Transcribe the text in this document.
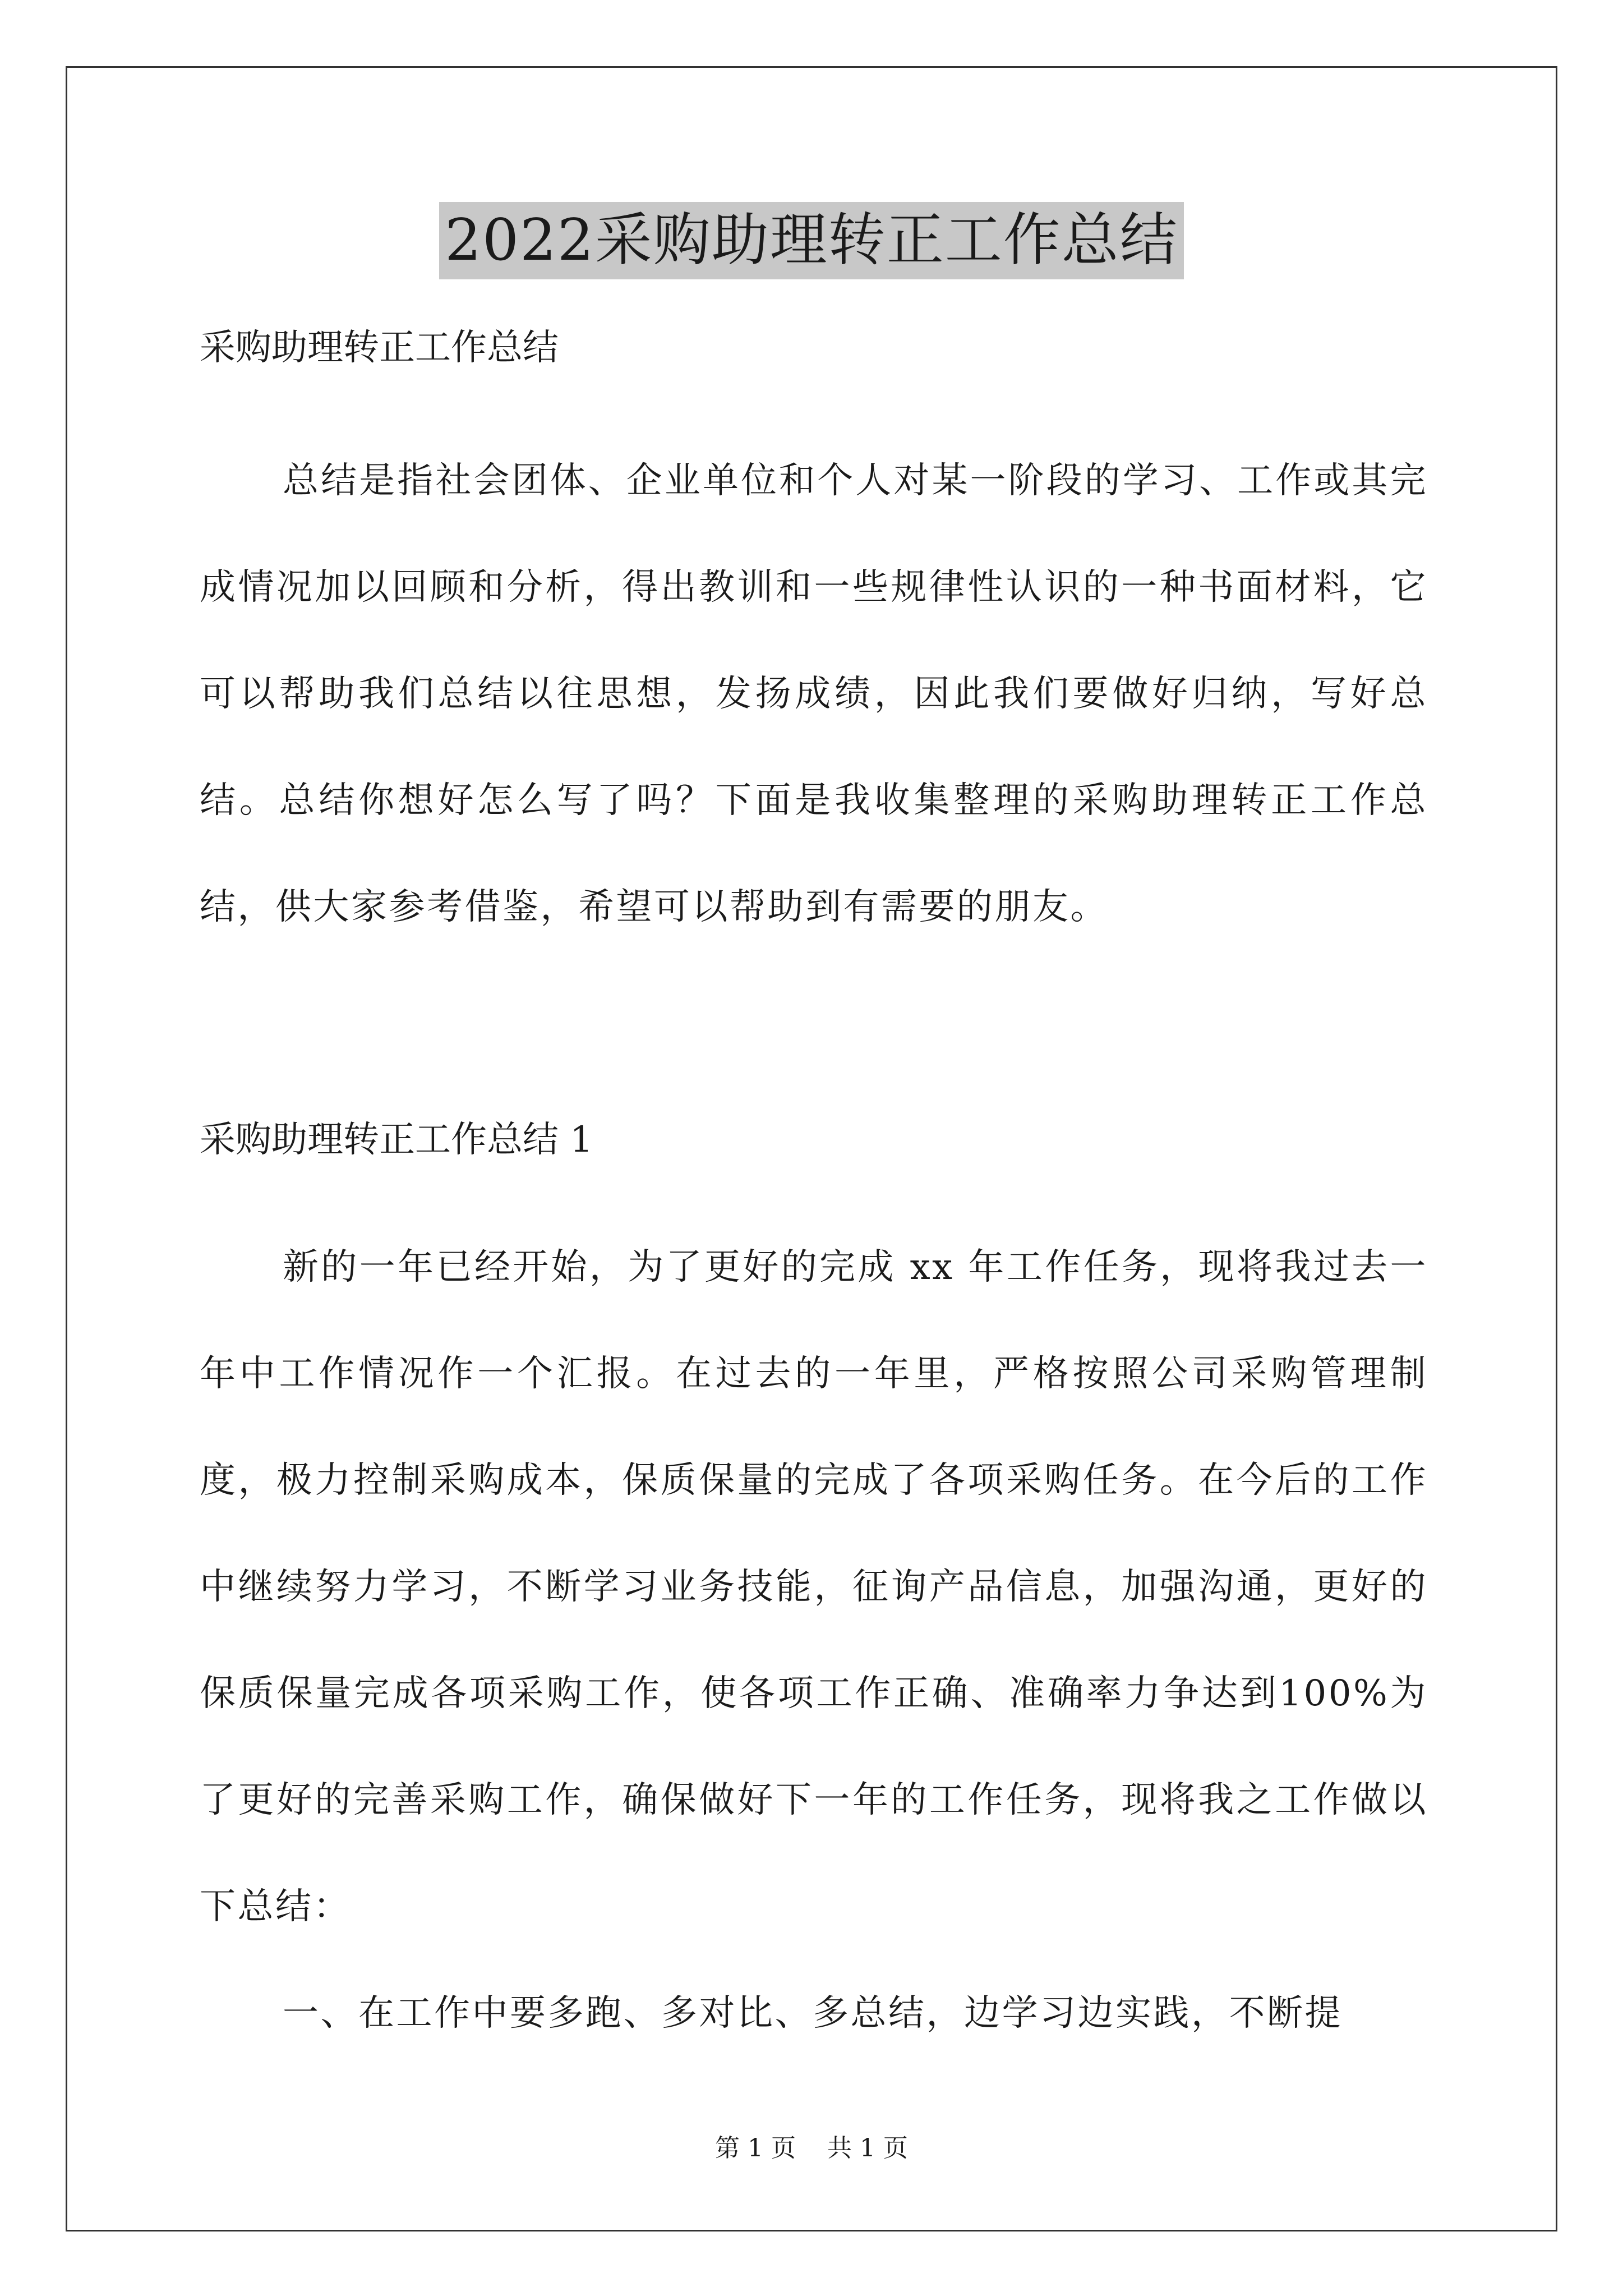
2022采购助理转正工作总结

采购助理转正工作总结

总结是指社会团体、企业单位和个人对某一阶段的学习、工作或其完成情况加以回顾和分析，得出教训和一些规律性认识的一种书面材料，它可以帮助我们总结以往思想，发扬成绩，因此我们要做好归纳，写好总结。总结你想好怎么写了吗？下面是我收集整理的采购助理转正工作总结，供大家参考借鉴，希望可以帮助到有需要的朋友。

采购助理转正工作总结 1

新的一年已经开始，为了更好的完成 xx 年工作任务，现将我过去一年中工作情况作一个汇报。在过去的一年里，严格按照公司采购管理制度，极力控制采购成本，保质保量的完成了各项采购任务。在今后的工作中继续努力学习，不断学习业务技能，征询产品信息，加强沟通，更好的保质保量完成各项采购工作，使各项工作正确、准确率力争达到100%为了更好的完善采购工作，确保做好下一年的工作任务，现将我之工作做以下总结：

一、在工作中要多跑、多对比、多总结，边学习边实践，不断提

第 1 页    共 1 页
